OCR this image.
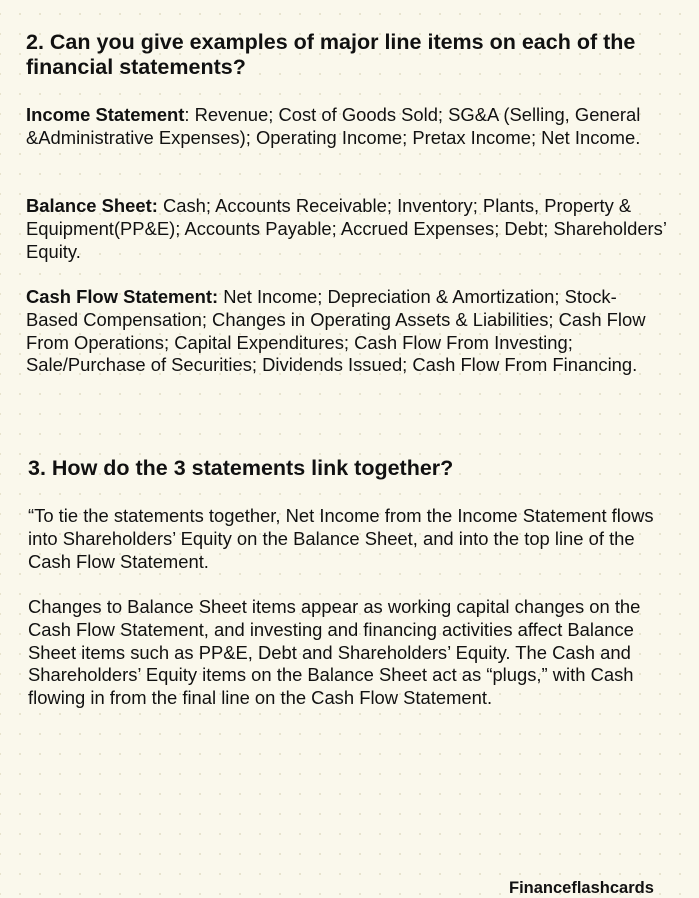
2. Can you give examples of major line items on each of the financial statements?

Income Statement: Revenue; Cost of Goods Sold; SG&A (Selling, General &Administrative Expenses); Operating Income; Pretax Income; Net Income.

Balance Sheet: Cash; Accounts Receivable; Inventory; Plants, Property & Equipment(PP&E); Accounts Payable; Accrued Expenses; Debt; Shareholders’ Equity.

Cash Flow Statement: Net Income; Depreciation & Amortization; Stock-Based Compensation; Changes in Operating Assets & Liabilities; Cash Flow From Operations; Capital Expenditures; Cash Flow From Investing; Sale/Purchase of Securities; Dividends Issued; Cash Flow From Financing.

3. How do the 3 statements link together?

“To tie the statements together, Net Income from the Income Statement flows into Shareholders’ Equity on the Balance Sheet, and into the top line of the Cash Flow Statement.

Changes to Balance Sheet items appear as working capital changes on the Cash Flow Statement, and investing and financing activities affect Balance Sheet items such as PP&E, Debt and Shareholders’ Equity. The Cash and Shareholders’ Equity items on the Balance Sheet act as “plugs,” with Cash flowing in from the final line on the Cash Flow Statement.

Financeflashcards
